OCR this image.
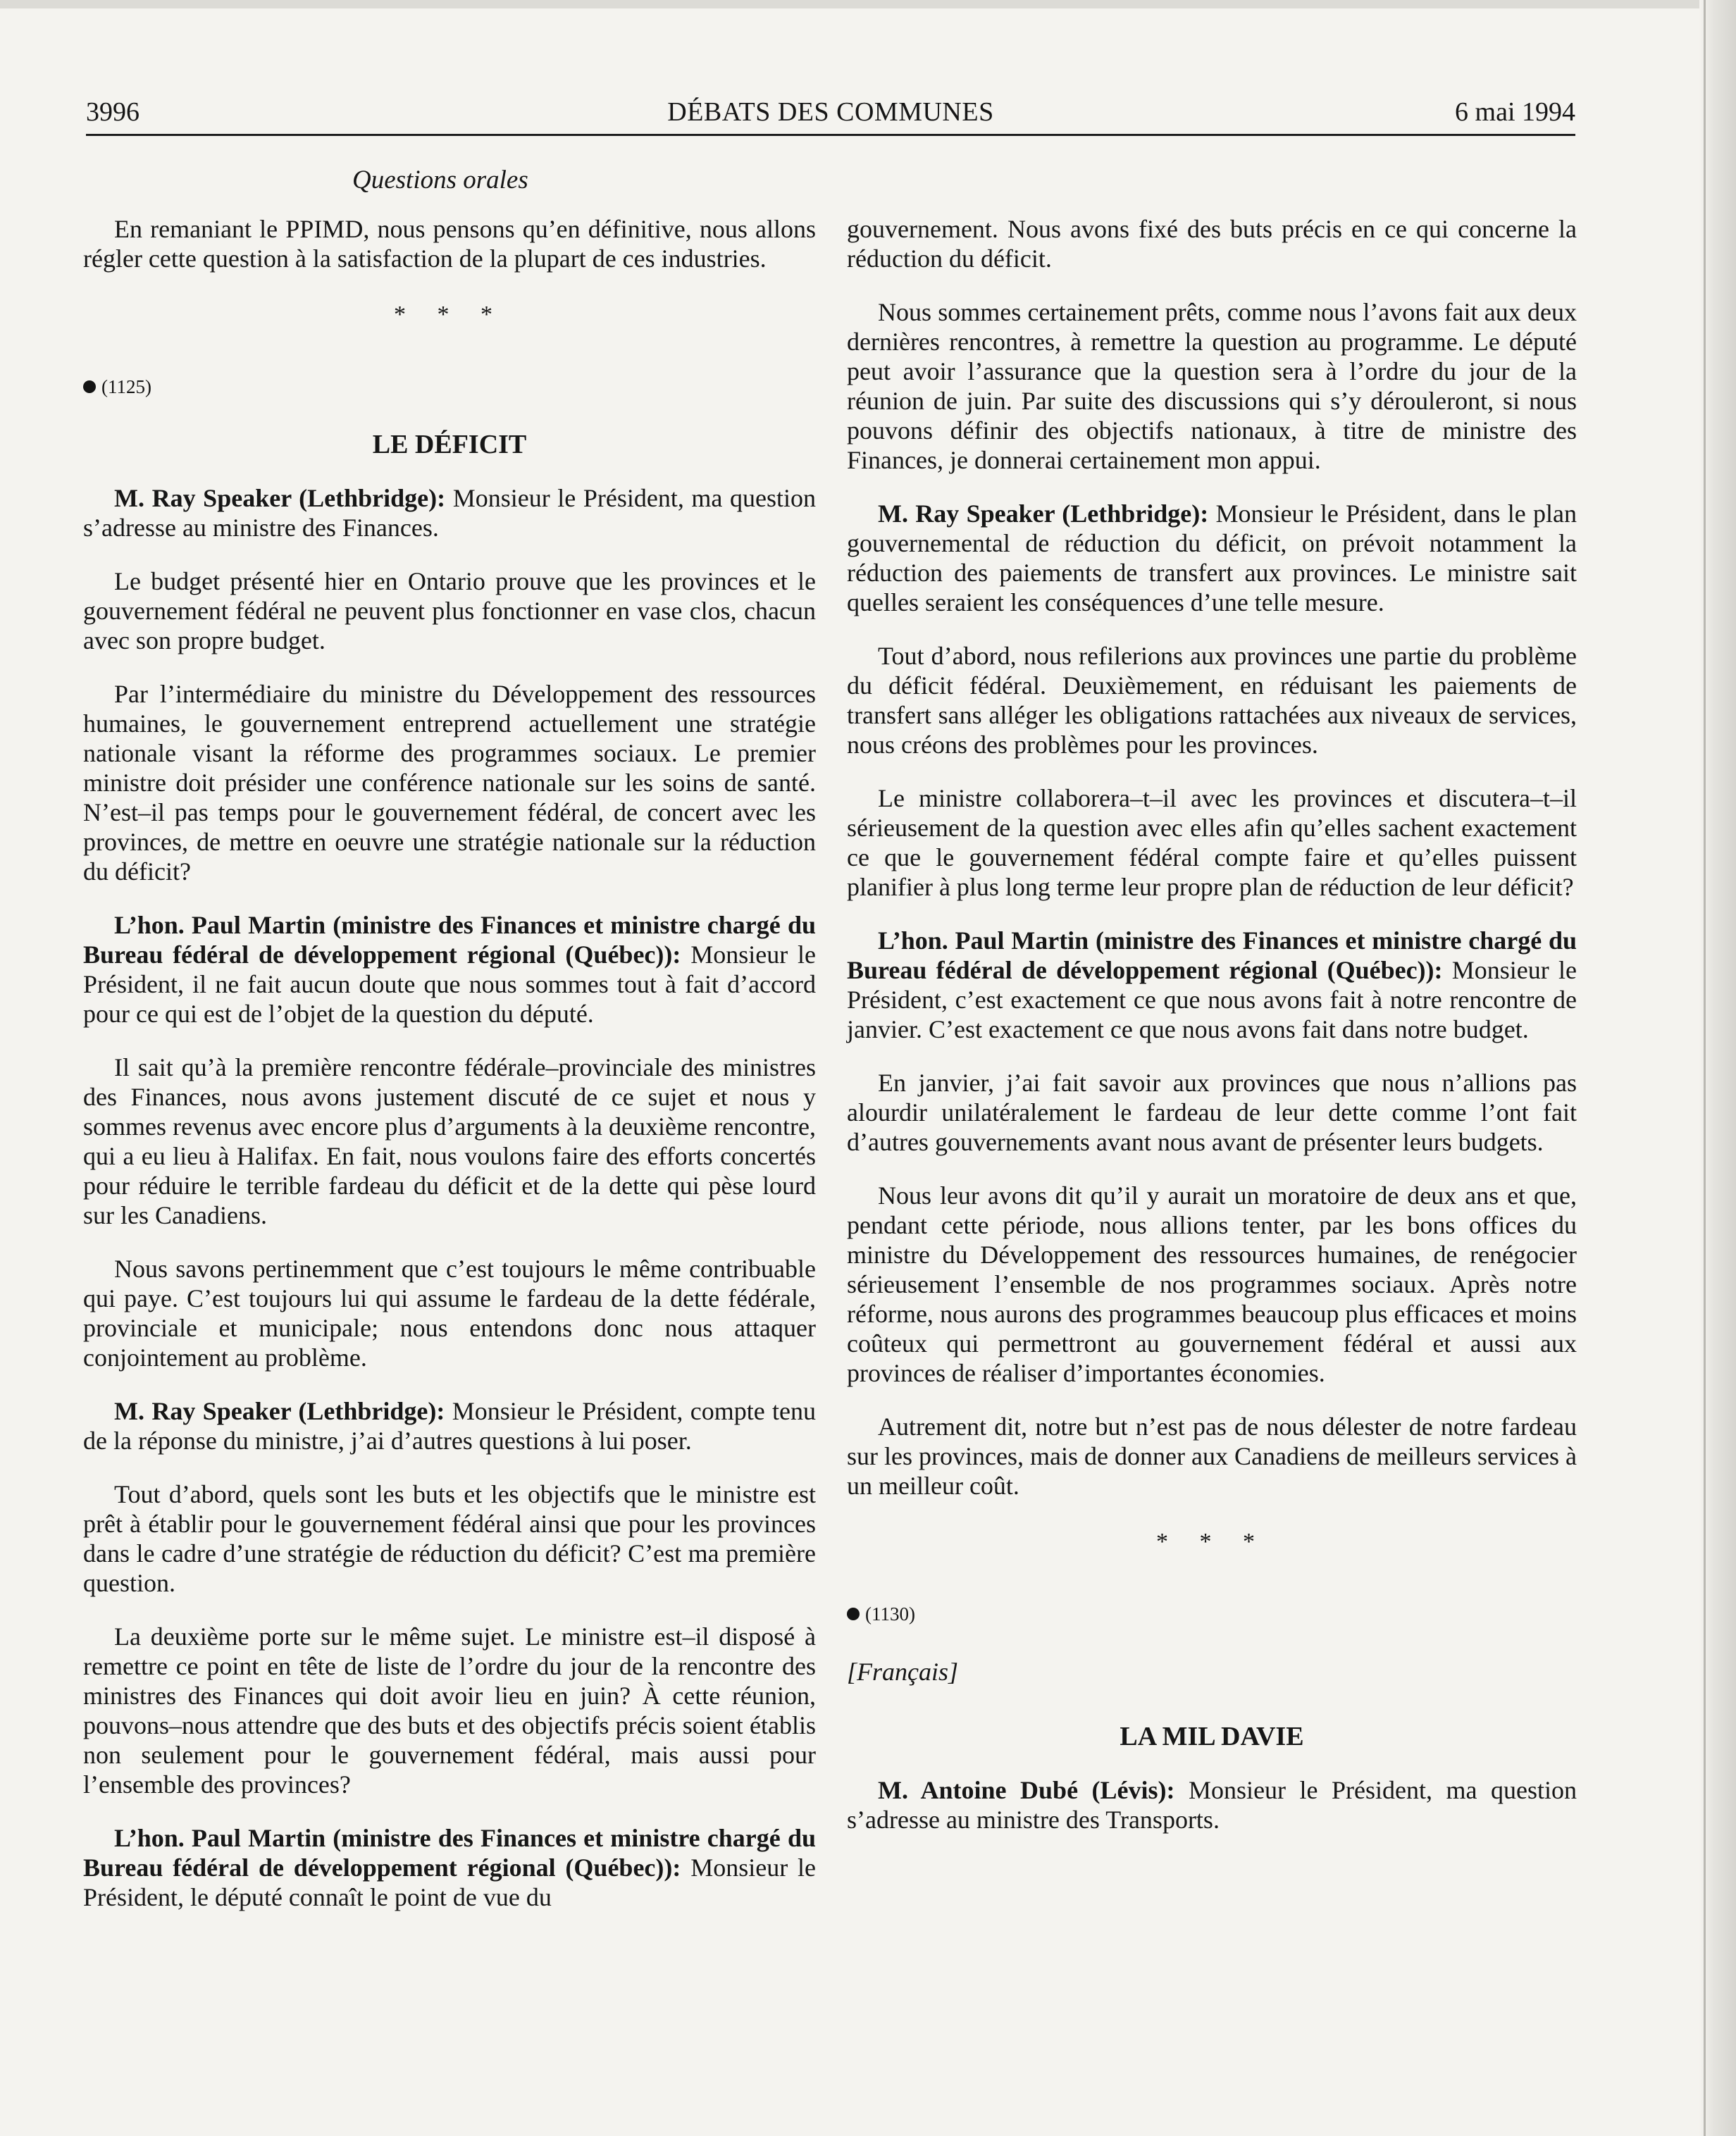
3996	DÉBATS DES COMMUNES	6 mai 1994
Questions orales

En remaniant le PPIMD, nous pensons qu’en définitive, nous allons régler cette question à la satisfaction de la plupart de ces industries.

* * *
(1125)
LE DÉFICIT

M. Ray Speaker (Lethbridge): Monsieur le Président, ma question s’adresse au ministre des Finances.

Le budget présenté hier en Ontario prouve que les provinces et le gouvernement fédéral ne peuvent plus fonctionner en vase clos, chacun avec son propre budget.

Par l’intermédiaire du ministre du Développement des ressources humaines, le gouvernement entreprend actuellement une stratégie nationale visant la réforme des programmes sociaux. Le premier ministre doit présider une conférence nationale sur les soins de santé. N’est–il pas temps pour le gouvernement fédéral, de concert avec les provinces, de mettre en oeuvre une stratégie nationale sur la réduction du déficit?

L’hon. Paul Martin (ministre des Finances et ministre chargé du Bureau fédéral de développement régional (Québec)): Monsieur le Président, il ne fait aucun doute que nous sommes tout à fait d’accord pour ce qui est de l’objet de la question du député.

Il sait qu’à la première rencontre fédérale–provinciale des ministres des Finances, nous avons justement discuté de ce sujet et nous y sommes revenus avec encore plus d’arguments à la deuxième rencontre, qui a eu lieu à Halifax. En fait, nous voulons faire des efforts concertés pour réduire le terrible fardeau du déficit et de la dette qui pèse lourd sur les Canadiens.

Nous savons pertinemment que c’est toujours le même contribuable qui paye. C’est toujours lui qui assume le fardeau de la dette fédérale, provinciale et municipale; nous entendons donc nous attaquer conjointement au problème.

M. Ray Speaker (Lethbridge): Monsieur le Président, compte tenu de la réponse du ministre, j’ai d’autres questions à lui poser.

Tout d’abord, quels sont les buts et les objectifs que le ministre est prêt à établir pour le gouvernement fédéral ainsi que pour les provinces dans le cadre d’une stratégie de réduction du déficit? C’est ma première question.

La deuxième porte sur le même sujet. Le ministre est–il disposé à remettre ce point en tête de liste de l’ordre du jour de la rencontre des ministres des Finances qui doit avoir lieu en juin? À cette réunion, pouvons–nous attendre que des buts et des objectifs précis soient établis non seulement pour le gouvernement fédéral, mais aussi pour l’ensemble des provinces?

L’hon. Paul Martin (ministre des Finances et ministre chargé du Bureau fédéral de développement régional (Québec)): Monsieur le Président, le député connaît le point de vue du

gouvernement. Nous avons fixé des buts précis en ce qui concerne la réduction du déficit.

Nous sommes certainement prêts, comme nous l’avons fait aux deux dernières rencontres, à remettre la question au programme. Le député peut avoir l’assurance que la question sera à l’ordre du jour de la réunion de juin. Par suite des discussions qui s’y dérouleront, si nous pouvons définir des objectifs nationaux, à titre de ministre des Finances, je donnerai certainement mon appui.

M. Ray Speaker (Lethbridge): Monsieur le Président, dans le plan gouvernemental de réduction du déficit, on prévoit notamment la réduction des paiements de transfert aux provinces. Le ministre sait quelles seraient les conséquences d’une telle mesure.

Tout d’abord, nous refilerions aux provinces une partie du problème du déficit fédéral. Deuxièmement, en réduisant les paiements de transfert sans alléger les obligations rattachées aux niveaux de services, nous créons des problèmes pour les provinces.

Le ministre collaborera–t–il avec les provinces et discutera–t–il sérieusement de la question avec elles afin qu’elles sachent exactement ce que le gouvernement fédéral compte faire et qu’elles puissent planifier à plus long terme leur propre plan de réduction de leur déficit?

L’hon. Paul Martin (ministre des Finances et ministre chargé du Bureau fédéral de développement régional (Québec)): Monsieur le Président, c’est exactement ce que nous avons fait à notre rencontre de janvier. C’est exactement ce que nous avons fait dans notre budget.

En janvier, j’ai fait savoir aux provinces que nous n’allions pas alourdir unilatéralement le fardeau de leur dette comme l’ont fait d’autres gouvernements avant nous avant de présenter leurs budgets.

Nous leur avons dit qu’il y aurait un moratoire de deux ans et que, pendant cette période, nous allions tenter, par les bons offices du ministre du Développement des ressources humaines, de renégocier sérieusement l’ensemble de nos programmes sociaux. Après notre réforme, nous aurons des programmes beaucoup plus efficaces et moins coûteux qui permettront au gouvernement fédéral et aussi aux provinces de réaliser d’importantes économies.

Autrement dit, notre but n’est pas de nous délester de notre fardeau sur les provinces, mais de donner aux Canadiens de meilleurs services à un meilleur coût.

* * *
(1130)
[Français]
LA MIL DAVIE

M. Antoine Dubé (Lévis): Monsieur le Président, ma question s’adresse au ministre des Transports.
